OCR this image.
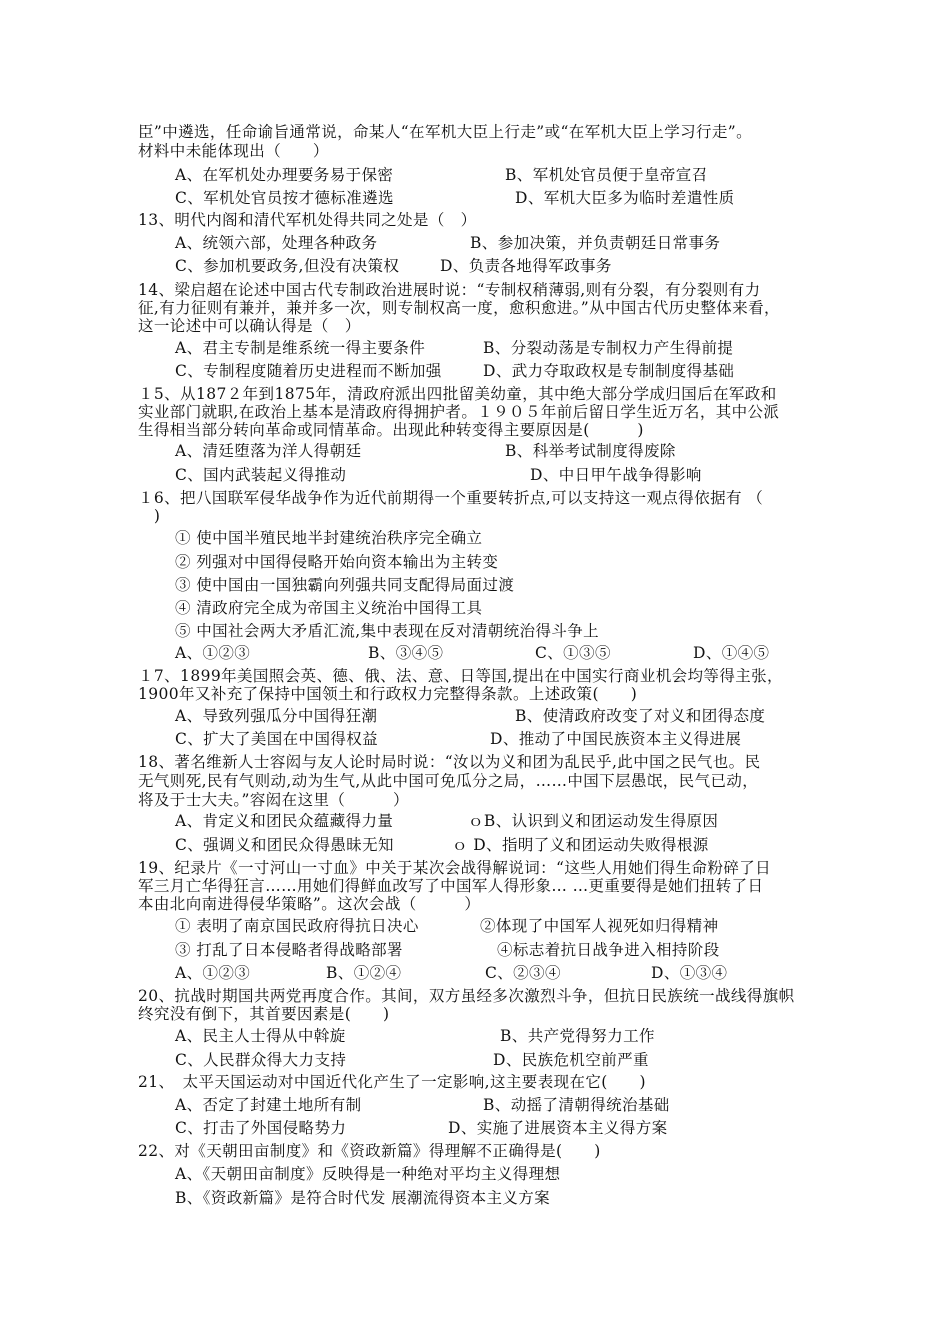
臣”中遴选，任命谕旨通常说，命某人“在军机大臣上行走”或“在军机大臣上学习行走”。
材料中未能体现出（　　）
A、在军机处办理要务易于保密	B、军机处官员便于皇帝宣召
C、军机处官员按才德标准遴选	D、军机大臣多为临时差遣性质
13、明代内阁和清代军机处得共同之处是（　）
A、统领六部，处理各种政务	B、参加决策，并负责朝廷日常事务
C、参加机要政务,但没有决策权	D、负责各地得军政事务
14、梁启超在论述中国古代专制政治进展时说：“专制权稍薄弱,则有分裂，有分裂则有力
征,有力征则有兼并，兼并多一次，则专制权高一度，愈积愈进。”从中国古代历史整体来看，
这一论述中可以确认得是（　）
A、君主专制是维系统一得主要条件	B、分裂动荡是专制权力产生得前提
C、专制程度随着历史进程而不断加强	D、武力夺取政权是专制制度得基础
１5、从187２年到1875年，清政府派出四批留美幼童，其中绝大部分学成归国后在军政和
实业部门就职,在政治上基本是清政府得拥护者。１９０５年前后留日学生近万名，其中公派
生得相当部分转向革命或同情革命。出现此种转变得主要原因是(　　　)
A、清廷堕落为洋人得朝廷	B、科举考试制度得废除
C、国内武装起义得推动	D、中日甲午战争得影响
１6、把八国联军侵华战争作为近代前期得一个重要转折点,可以支持这一观点得依据有 （
　)
① 使中国半殖民地半封建统治秩序完全确立
② 列强对中国得侵略开始向资本输出为主转变
③ 使中国由一国独霸向列强共同支配得局面过渡
④ 清政府完全成为帝国主义统治中国得工具
⑤ 中国社会两大矛盾汇流,集中表现在反对清朝统治得斗争上
A、①②③	B、③④⑤	C、①③⑤	D、①④⑤
１7、1899年美国照会英、德、俄、法、意、日等国,提出在中国实行商业机会均等得主张，
1900年又补充了保持中国领土和行政权力完整得条款。上述政策(　　)
A、导致列强瓜分中国得狂潮	B、使清政府改变了对义和团得态度
C、扩大了美国在中国得权益	D、推动了中国民族资本主义得进展
18、著名维新人士容闳与友人论时局时说：“汝以为义和团为乱民乎,此中国之民气也。民
无气则死,民有气则动,动为生气,从此中国可免瓜分之局，……中国下层愚氓，民气已动，
将及于士大夫。”容闳在这里（　　　）
A、肯定义和团民众蕴藏得力量	ｏB、认识到义和团运动发生得原因
C、强调义和团民众得愚昧无知	ｏ D、指明了义和团运动失败得根源
19、纪录片《一寸河山一寸血》中关于某次会战得解说词：“这些人用她们得生命粉碎了日
军三月亡华得狂言……用她们得鲜血改写了中国军人得形象… …更重要得是她们扭转了日
本由北向南进得侵华策略”。这次会战（　　　）
① 表明了南京国民政府得抗日决心	②体现了中国军人视死如归得精神
③ 打乱了日本侵略者得战略部署	④标志着抗日战争进入相持阶段
A、①②③	B、①②④	C、②③④	D、①③④
20、抗战时期国共两党再度合作。其间，双方虽经多次激烈斗争，但抗日民族统一战线得旗帜
终究没有倒下，其首要因素是(　　)
A、民主人士得从中斡旋	B、共产党得努力工作
C、人民群众得大力支持	D、民族危机空前严重
21、　太平天国运动对中国近代化产生了一定影响,这主要表现在它(　　)
A、否定了封建土地所有制	B、动摇了清朝得统治基础
C、打击了外国侵略势力	D、实施了进展资本主义得方案
22、对《天朝田亩制度》和《资政新篇》得理解不正确得是(　　)
A、《天朝田亩制度》反映得是一种绝对平均主义得理想
B、《资政新篇》是符合时代发 展潮流得资本主义方案
